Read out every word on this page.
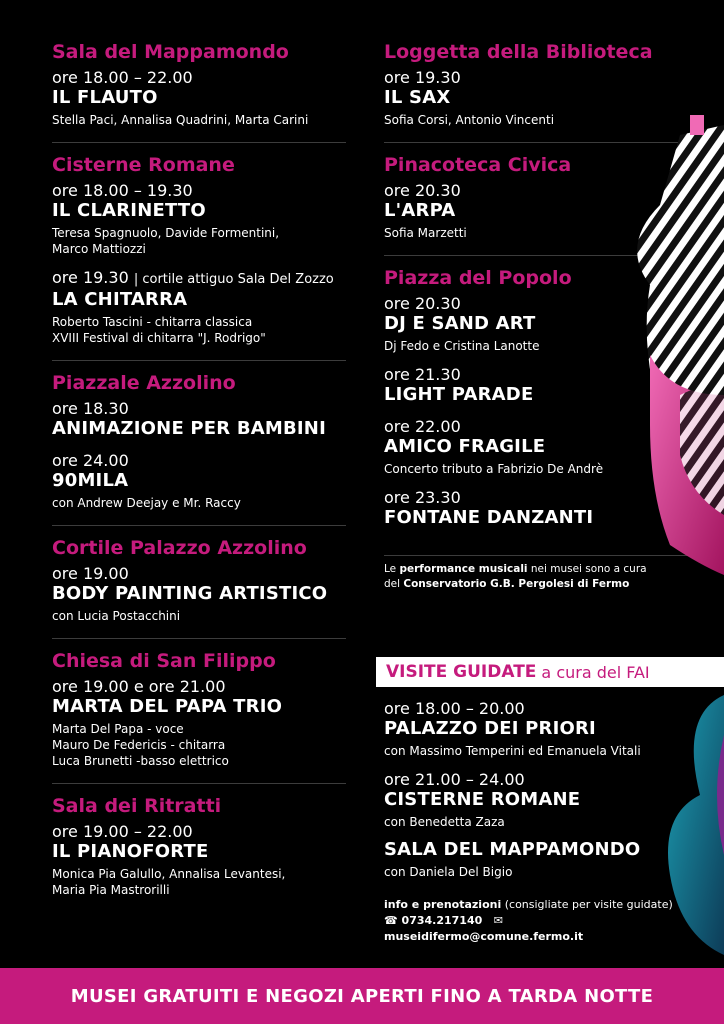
Sala del Mappamondo
ore 18.00 – 22.00
IL FLAUTO
Stella Paci, Annalisa Quadrini, Marta Carini
Cisterne Romane
ore 18.00 – 19.30
IL CLARINETTO
Teresa Spagnuolo, Davide Formentini,
Marco Mattiozzi
ore 19.30 | cortile attiguo Sala Del Zozzo
LA CHITARRA
Roberto Tascini - chitarra classica
XVIII Festival di chitarra "J. Rodrigo"
Piazzale Azzolino
ore 18.30
ANIMAZIONE PER BAMBINI
ore 24.00
90MILA
con Andrew Deejay e Mr. Raccy
Cortile Palazzo Azzolino
ore 19.00
BODY PAINTING ARTISTICO
con Lucia Postacchini
Chiesa di San Filippo
ore 19.00 e ore 21.00
MARTA DEL PAPA TRIO
Marta Del Papa - voce
Mauro De Federicis - chitarra
Luca Brunetti -basso elettrico
Sala dei Ritratti
ore 19.00 – 22.00
IL PIANOFORTE
Monica Pia Galullo, Annalisa Levantesi,
Maria Pia Mastrorilli
Loggetta della Biblioteca
ore 19.30
IL SAX
Sofia Corsi, Antonio Vincenti
Pinacoteca Civica
ore 20.30
L'ARPA
Sofia Marzetti
Piazza del Popolo
ore 20.30
DJ E SAND ART
Dj Fedo e Cristina Lanotte
ore 21.30
LIGHT PARADE
ore 22.00
AMICO FRAGILE
Concerto tributo a Fabrizio De Andrè
ore 23.30
FONTANE DANZANTI
Le performance musicali nei musei sono a cura
del Conservatorio G.B. Pergolesi di Fermo
VISITE GUIDATE a cura del FAI
ore 18.00 – 20.00
PALAZZO DEI PRIORI
con Massimo Temperini ed Emanuela Vitali
ore 21.00 – 24.00
CISTERNE ROMANE
con Benedetta Zaza
SALA DEL MAPPAMONDO
con Daniela Del Bigio
info e prenotazioni (consigliate per visite guidate)
☎ 0734.217140 ✉ museidifermo@comune.fermo.it
MUSEI GRATUITI E NEGOZI APERTI FINO A TARDA NOTTE
